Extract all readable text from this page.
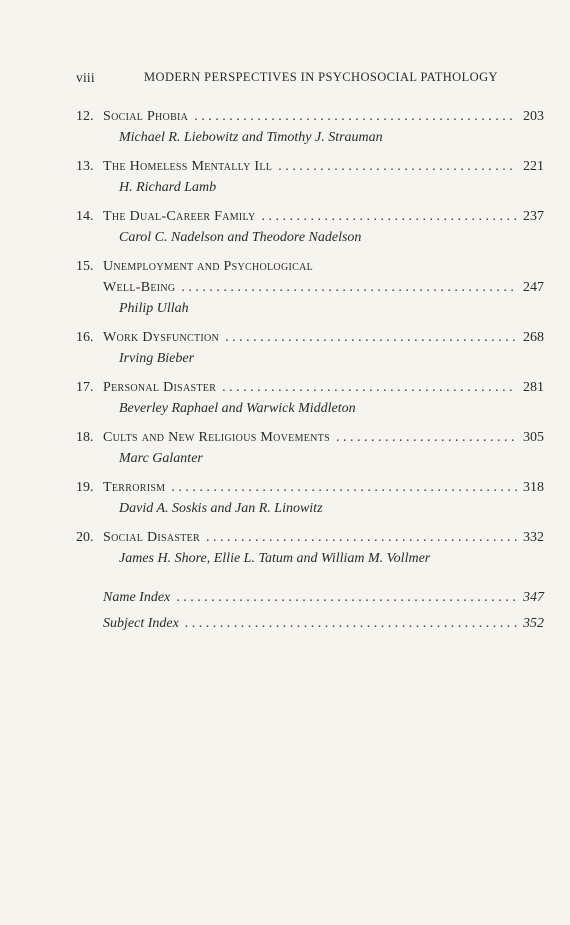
viii	MODERN PERSPECTIVES IN PSYCHOSOCIAL PATHOLOGY
12. Social Phobia . . .	203
Michael R. Liebowitz and Timothy J. Strauman
13. The Homeless Mentally Ill . . .	221
H. Richard Lamb
14. The Dual-Career Family . . .	237
Carol C. Nadelson and Theodore Nadelson
15. Unemployment and Psychological
Well-Being . . .	247
Philip Ullah
16. Work Dysfunction . . .	268
Irving Bieber
17. Personal Disaster . . .	281
Beverley Raphael and Warwick Middleton
18. Cults and New Religious Movements . . .	305
Marc Galanter
19. Terrorism . . .	318
David A. Soskis and Jan R. Linowitz
20. Social Disaster . . .	332
James H. Shore, Ellie L. Tatum and William M. Vollmer
Name Index . . .	347
Subject Index . . .	352
